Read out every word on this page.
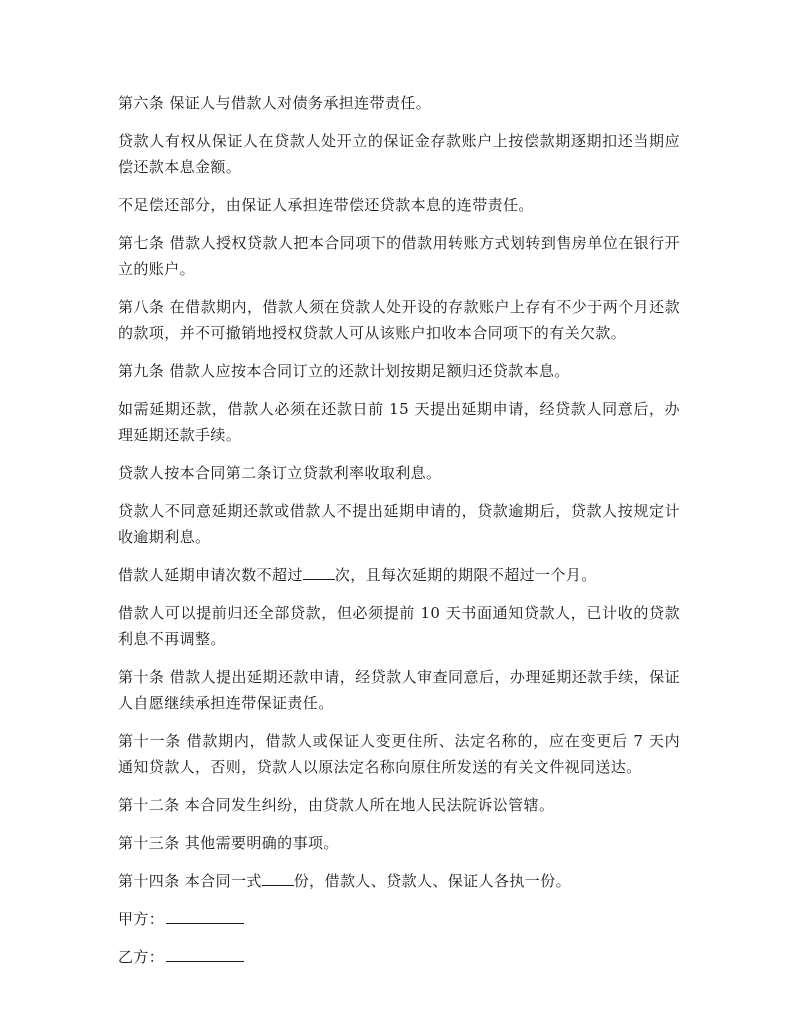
第六条 保证人与借款人对债务承担连带责任。

贷款人有权从保证人在贷款人处开立的保证金存款账户上按偿款期逐期扣还当期应偿还款本息金额。

不足偿还部分，由保证人承担连带偿还贷款本息的连带责任。

第七条 借款人授权贷款人把本合同项下的借款用转账方式划转到售房单位在银行开立的账户。

第八条 在借款期内，借款人须在贷款人处开设的存款账户上存有不少于两个月还款的款项，并不可撤销地授权贷款人可从该账户扣收本合同项下的有关欠款。

第九条 借款人应按本合同订立的还款计划按期足额归还贷款本息。

如需延期还款，借款人必须在还款日前 15 天提出延期申请，经贷款人同意后，办理延期还款手续。

贷款人按本合同第二条订立贷款利率收取利息。

贷款人不同意延期还款或借款人不提出延期申请的，贷款逾期后，贷款人按规定计收逾期利息。

借款人延期申请次数不超过 次，且每次延期的期限不超过一个月。

借款人可以提前归还全部贷款，但必须提前 10 天书面通知贷款人，已计收的贷款利息不再调整。

第十条 借款人提出延期还款申请，经贷款人审查同意后，办理延期还款手续，保证人自愿继续承担连带保证责任。

第十一条 借款期内，借款人或保证人变更住所、法定名称的，应在变更后 7 天内通知贷款人，否则，贷款人以原法定名称向原住所发送的有关文件视同送达。

第十二条 本合同发生纠纷，由贷款人所在地人民法院诉讼管辖。

第十三条 其他需要明确的事项。

第十四条 本合同一式 份，借款人、贷款人、保证人各执一份。

甲方：

乙方：
